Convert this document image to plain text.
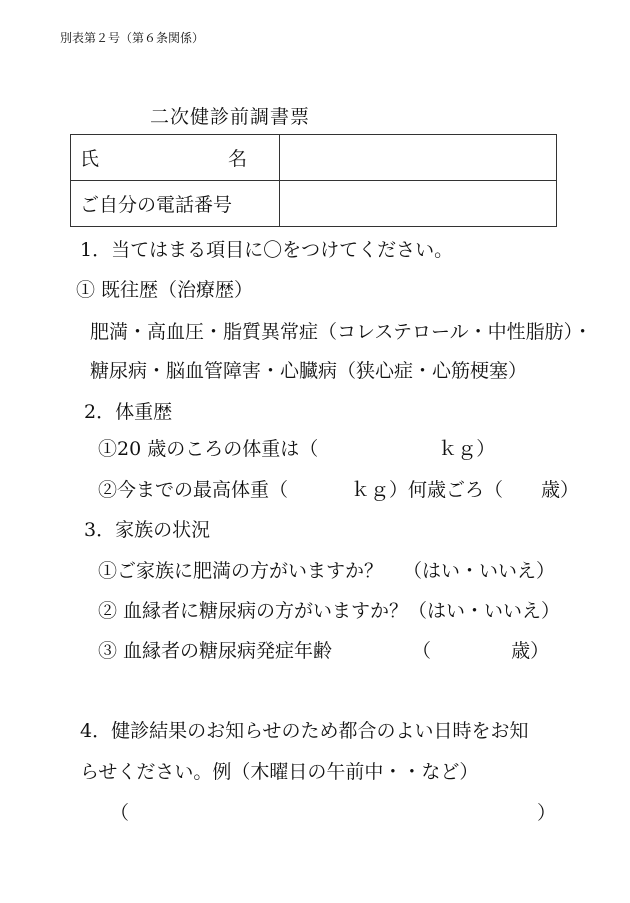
別表第２号（第６条関係）
二次健診前調書票
氏 名	

ご自分の電話番号	
1．当てはまる項目に〇をつけてください。
① 既往歴（治療歴）
肥満・高血圧・脂質異常症（コレステロール・中性脂肪）・
糖尿病・脳血管障害・心臓病（狭心症・心筋梗塞）
2．体重歴
①20 歳のころの体重は（	ｋｇ）
②今までの最高体重（	ｋｇ）何歳ごろ（ 歳）
3．家族の状況
①ご家族に肥満の方がいますか？ （はい・いいえ）
② 血縁者に糖尿病の方がいますか？（はい・いいえ）
③ 血縁者の糖尿病発症年齢	（	歳）
4．健診結果のお知らせのため都合のよい日時をお知
らせください。例（木曜日の午前中・・など）
（	）
